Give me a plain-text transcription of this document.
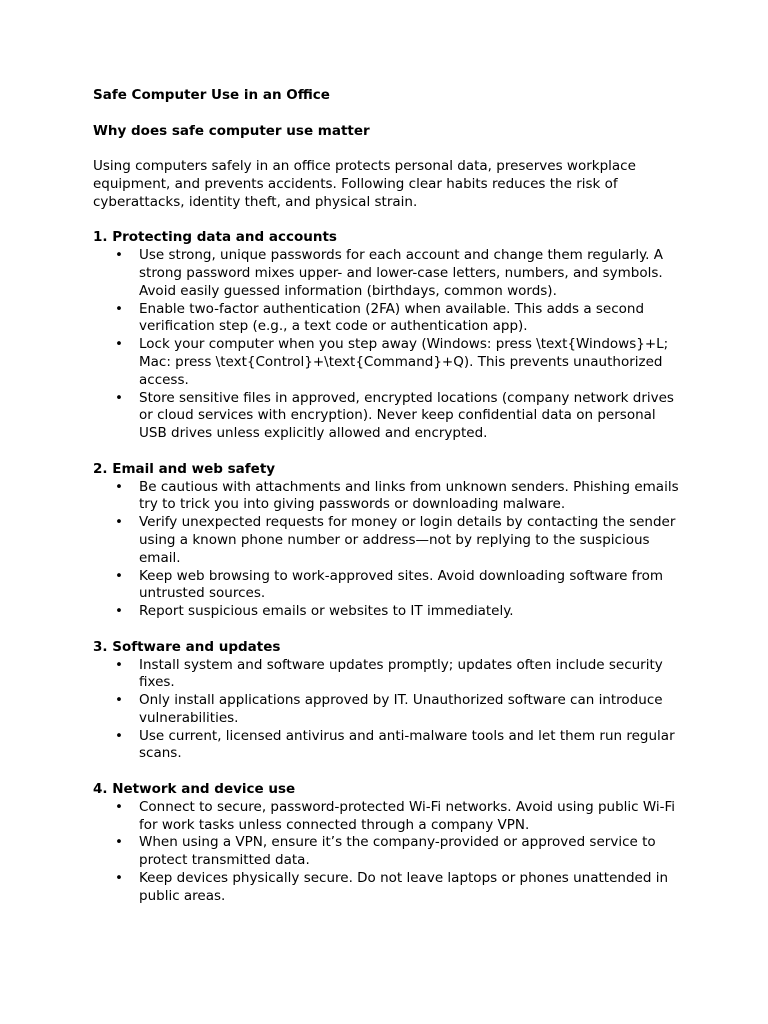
Safe Computer Use in an Office

Why does safe computer use matter

Using computers safely in an office protects personal data, preserves workplace equipment, and prevents accidents. Following clear habits reduces the risk of cyberattacks, identity theft, and physical strain.

1. Protecting data and accounts

• Use strong, unique passwords for each account and change them regularly. A strong password mixes upper- and lower-case letters, numbers, and symbols. Avoid easily guessed information (birthdays, common words).
• Enable two-factor authentication (2FA) when available. This adds a second verification step (e.g., a text code or authentication app).
• Lock your computer when you step away (Windows: press \text{Windows}+L; Mac: press \text{Control}+\text{Command}+Q). This prevents unauthorized access.
• Store sensitive files in approved, encrypted locations (company network drives or cloud services with encryption). Never keep confidential data on personal USB drives unless explicitly allowed and encrypted.

2. Email and web safety

• Be cautious with attachments and links from unknown senders. Phishing emails try to trick you into giving passwords or downloading malware.
• Verify unexpected requests for money or login details by contacting the sender using a known phone number or address—not by replying to the suspicious email.
• Keep web browsing to work-approved sites. Avoid downloading software from untrusted sources.
• Report suspicious emails or websites to IT immediately.

3. Software and updates

• Install system and software updates promptly; updates often include security fixes.
• Only install applications approved by IT. Unauthorized software can introduce vulnerabilities.
• Use current, licensed antivirus and anti-malware tools and let them run regular scans.

4. Network and device use

• Connect to secure, password-protected Wi-Fi networks. Avoid using public Wi-Fi for work tasks unless connected through a company VPN.
• When using a VPN, ensure it’s the company-provided or approved service to protect transmitted data.
• Keep devices physically secure. Do not leave laptops or phones unattended in public areas.
